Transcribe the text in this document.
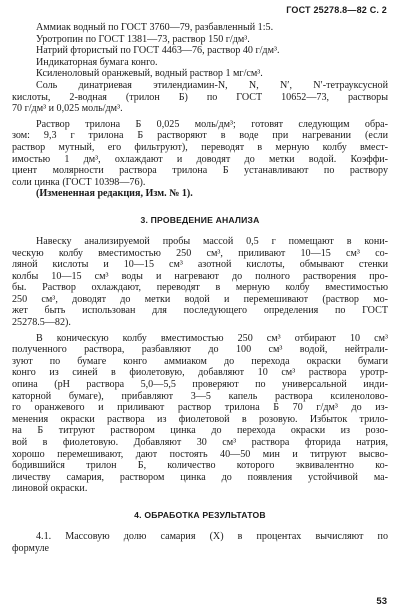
ГОСТ 25278.8—82 С. 2
Аммиак водный по ГОСТ 3760—79, разбавленный 1:5.
Уротропин по ГОСТ 1381—73, раствор 150 г/дм³.
Натрий фтористый по ГОСТ 4463—76, раствор 40 г/дм³.
Индикаторная бумага конго.
Ксиленоловый оранжевый, водный раствор 1 мг/см³.
Соль динатриевая этилендиамин-N, N, N′, N′-тетрауксусной
кислоты, 2-водная (трилон Б) по ГОСТ 10652—73, растворы
70 г/дм³ и 0,025 моль/дм³.
Раствор трилона Б 0,025 моль/дм³; готовят следующим обра-
зом: 9,3 г трилона Б растворяют в воде при нагревании (если
раствор мутный, его фильтруют), переводят в мерную колбу вмест-
имостью 1 дм³, охлаждают и доводят до метки водой. Коэффи-
циент молярности раствора трилона Б устанавливают по раствору
соли цинка (ГОСТ 10398—76).
(Измененная редакция, Изм. № 1).
3. ПРОВЕДЕНИЕ АНАЛИЗА
Навеску анализируемой пробы массой 0,5 г помещают в кони-
ческую колбу вместимостью 250 см³, приливают 10—15 см³ со-
ляной кислоты и 10—15 см³ азотной кислоты, обмывают стенки
колбы 10—15 см³ воды и нагревают до полного растворения про-
бы. Раствор охлаждают, переводят в мерную колбу вместимостью
250 см³, доводят до метки водой и перемешивают (раствор мо-
жет быть использован для последующего определения по ГОСТ
25278.5—82).
В коническую колбу вместимостью 250 см³ отбирают 10 см³
полученного раствора, разбавляют до 100 см³ водой, нейтрали-
зуют по бумаге конго аммиаком до перехода окраски бумаги
конго из синей в фиолетовую, добавляют 10 см³ раствора уротр-
опина (pH раствора 5,0—5,5 проверяют по универсальной инди-
каторной бумаге), прибавляют 3—5 капель раствора ксиленолово-
го оранжевого и приливают раствор трилона Б 70 г/дм³ до из-
менения окраски раствора из фиолетовой в розовую. Избыток трило-
на Б титруют раствором цинка до перехода окраски из розо-
вой в фиолетовую. Добавляют 30 см³ раствора фторида натрия,
хорошо перемешивают, дают постоять 40—50 мин и титруют высво-
бодившийся трилон Б, количество которого эквивалентно ко-
личеству самария, раствором цинка до появления устойчивой ма-
линовой окраски.
4. ОБРАБОТКА РЕЗУЛЬТАТОВ
4.1. Массовую долю самария (X) в процентах вычисляют по
формуле
53
